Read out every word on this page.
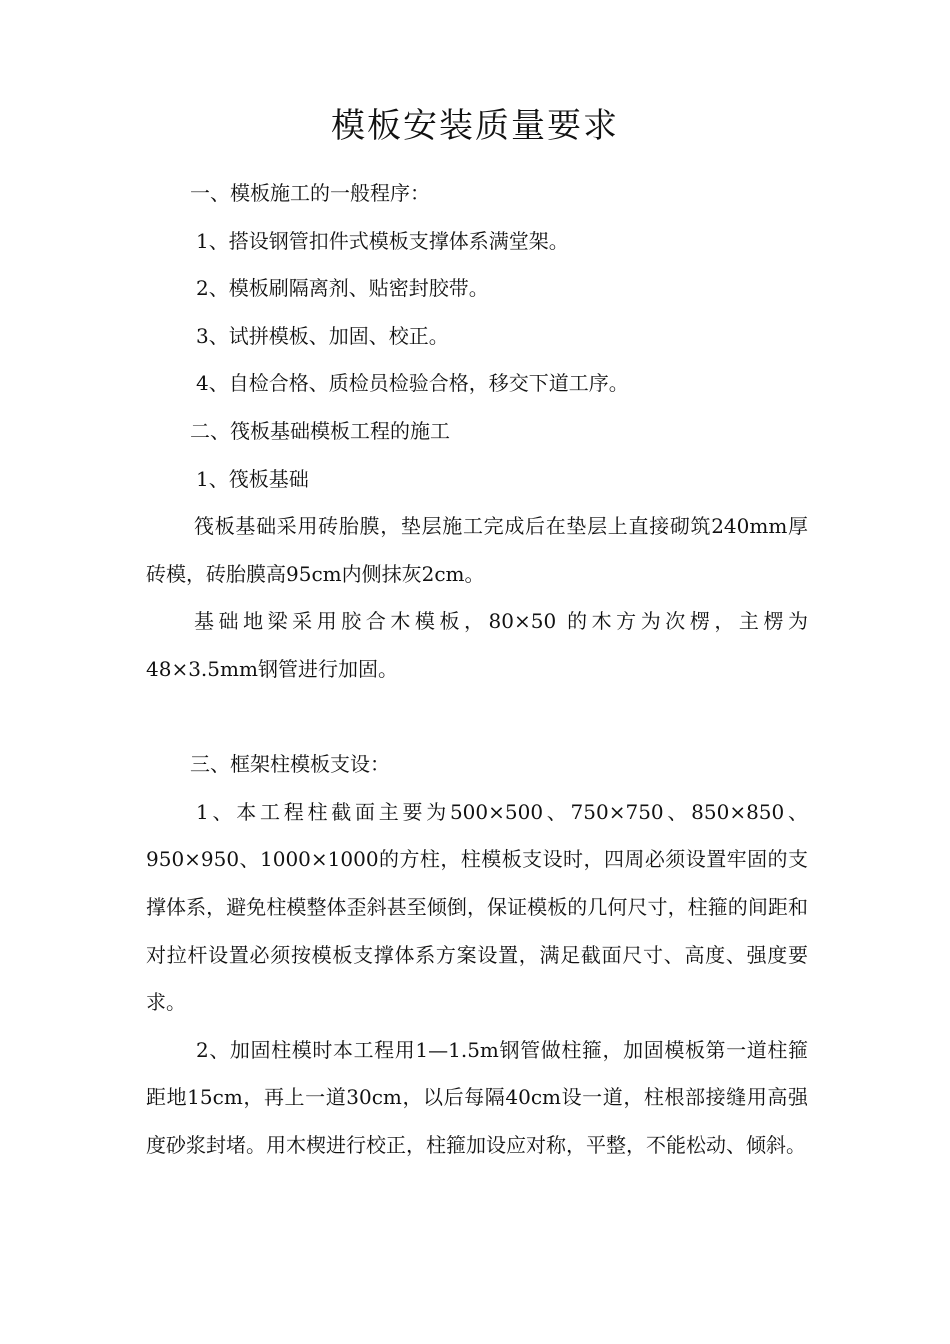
模板安装质量要求

一、模板施工的一般程序：

1、搭设钢管扣件式模板支撑体系满堂架。

2、模板刷隔离剂、贴密封胶带。

3、试拼模板、加固、校正。

4、自检合格、质检员检验合格，移交下道工序。

二、筏板基础模板工程的施工

1、筏板基础

筏板基础采用砖胎膜，垫层施工完成后在垫层上直接砌筑240mm厚砖模，砖胎膜高95cm内侧抹灰2cm。

基础地梁采用胶合木模板，80×50 的木方为次楞，主楞为48×3.5mm钢管进行加固。

三、框架柱模板支设：

1、本工程柱截面主要为500×500、750×750、850×850、950×950、1000×1000的方柱，柱模板支设时，四周必须设置牢固的支撑体系，避免柱模整体歪斜甚至倾倒，保证模板的几何尺寸，柱箍的间距和对拉杆设置必须按模板支撑体系方案设置，满足截面尺寸、高度、强度要求。

2、加固柱模时本工程用1—1.5m钢管做柱箍，加固模板第一道柱箍距地15cm，再上一道30cm，以后每隔40cm设一道，柱根部接缝用高强度砂浆封堵。用木楔进行校正，柱箍加设应对称，平整，不能松动、倾斜。
